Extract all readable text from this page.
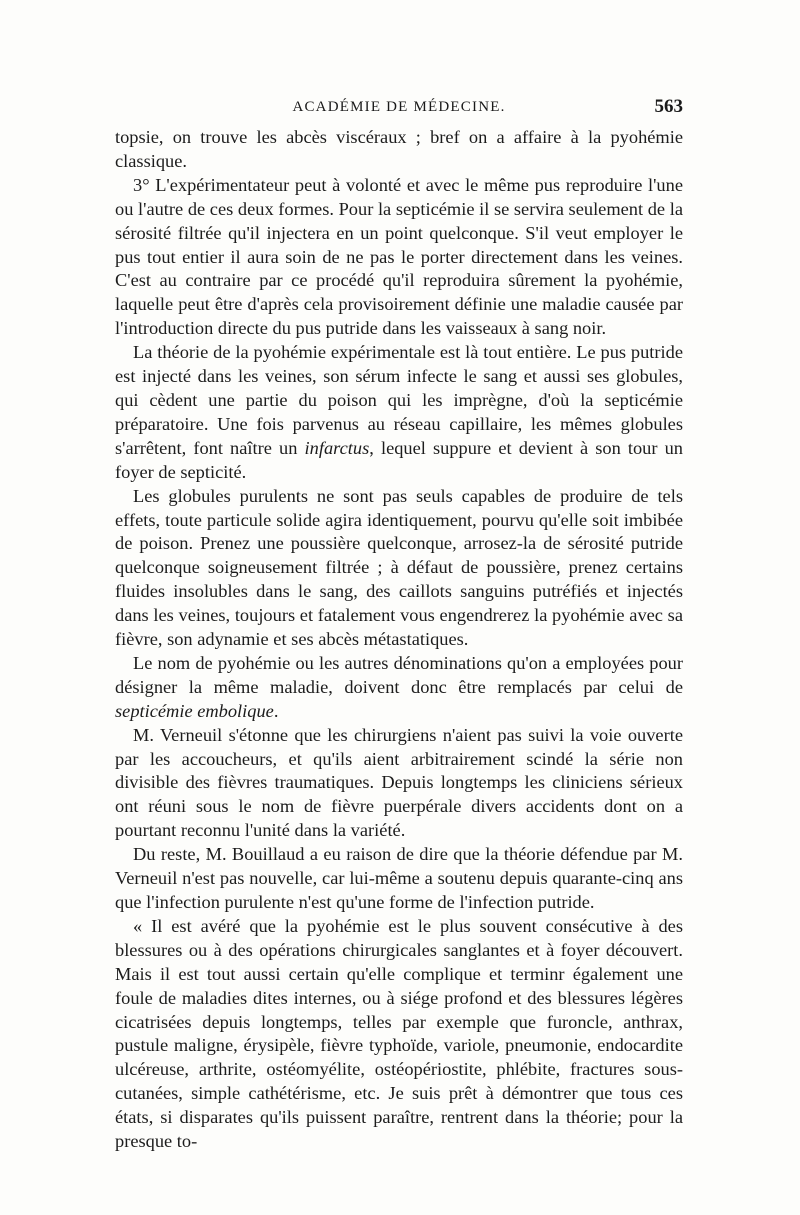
ACADÉMIE DE MÉDECINE.	563

topsie, on trouve les abcès viscéraux ; bref on a affaire à la pyohémie classique.

3° L'expérimentateur peut à volonté et avec le même pus reproduire l'une ou l'autre de ces deux formes. Pour la septicémie il se servira seulement de la sérosité filtrée qu'il injectera en un point quelconque. S'il veut employer le pus tout entier il aura soin de ne pas le porter directement dans les veines. C'est au contraire par ce procédé qu'il reproduira sûrement la pyohémie, laquelle peut être d'après cela provisoirement définie une maladie causée par l'introduction directe du pus putride dans les vaisseaux à sang noir.

La théorie de la pyohémie expérimentale est là tout entière. Le pus putride est injecté dans les veines, son sérum infecte le sang et aussi ses globules, qui cèdent une partie du poison qui les imprègne, d'où la septicémie préparatoire. Une fois parvenus au réseau capillaire, les mêmes globules s'arrêtent, font naître un infarctus, lequel suppure et devient à son tour un foyer de septicité.

Les globules purulents ne sont pas seuls capables de produire de tels effets, toute particule solide agira identiquement, pourvu qu'elle soit imbibée de poison. Prenez une poussière quelconque, arrosez-la de sérosité putride quelconque soigneusement filtrée ; à défaut de poussière, prenez certains fluides insolubles dans le sang, des caillots sanguins putréfiés et injectés dans les veines, toujours et fatalement vous engendrerez la pyohémie avec sa fièvre, son adynamie et ses abcès métastatiques.

Le nom de pyohémie ou les autres dénominations qu'on a employées pour désigner la même maladie, doivent donc être remplacés par celui de septicémie embolique.

M. Verneuil s'étonne que les chirurgiens n'aient pas suivi la voie ouverte par les accoucheurs, et qu'ils aient arbitrairement scindé la série non divisible des fièvres traumatiques. Depuis longtemps les cliniciens sérieux ont réuni sous le nom de fièvre puerpérale divers accidents dont on a pourtant reconnu l'unité dans la variété.

Du reste, M. Bouillaud a eu raison de dire que la théorie défendue par M. Verneuil n'est pas nouvelle, car lui-même a soutenu depuis quarante-cinq ans que l'infection purulente n'est qu'une forme de l'infection putride.

« Il est avéré que la pyohémie est le plus souvent consécutive à des blessures ou à des opérations chirurgicales sanglantes et à foyer découvert. Mais il est tout aussi certain qu'elle complique et terminr également une foule de maladies dites internes, ou à siége profond et des blessures légères cicatrisées depuis longtemps, telles par exemple que furoncle, anthrax, pustule maligne, érysipèle, fièvre typhoïde, variole, pneumonie, endocardite ulcéreuse, arthrite, ostéomyélite, ostéopériostite, phlébite, fractures sous-cutanées, simple cathétérisme, etc. Je suis prêt à démontrer que tous ces états, si disparates qu'ils puissent paraître, rentrent dans la théorie; pour la presque to-
